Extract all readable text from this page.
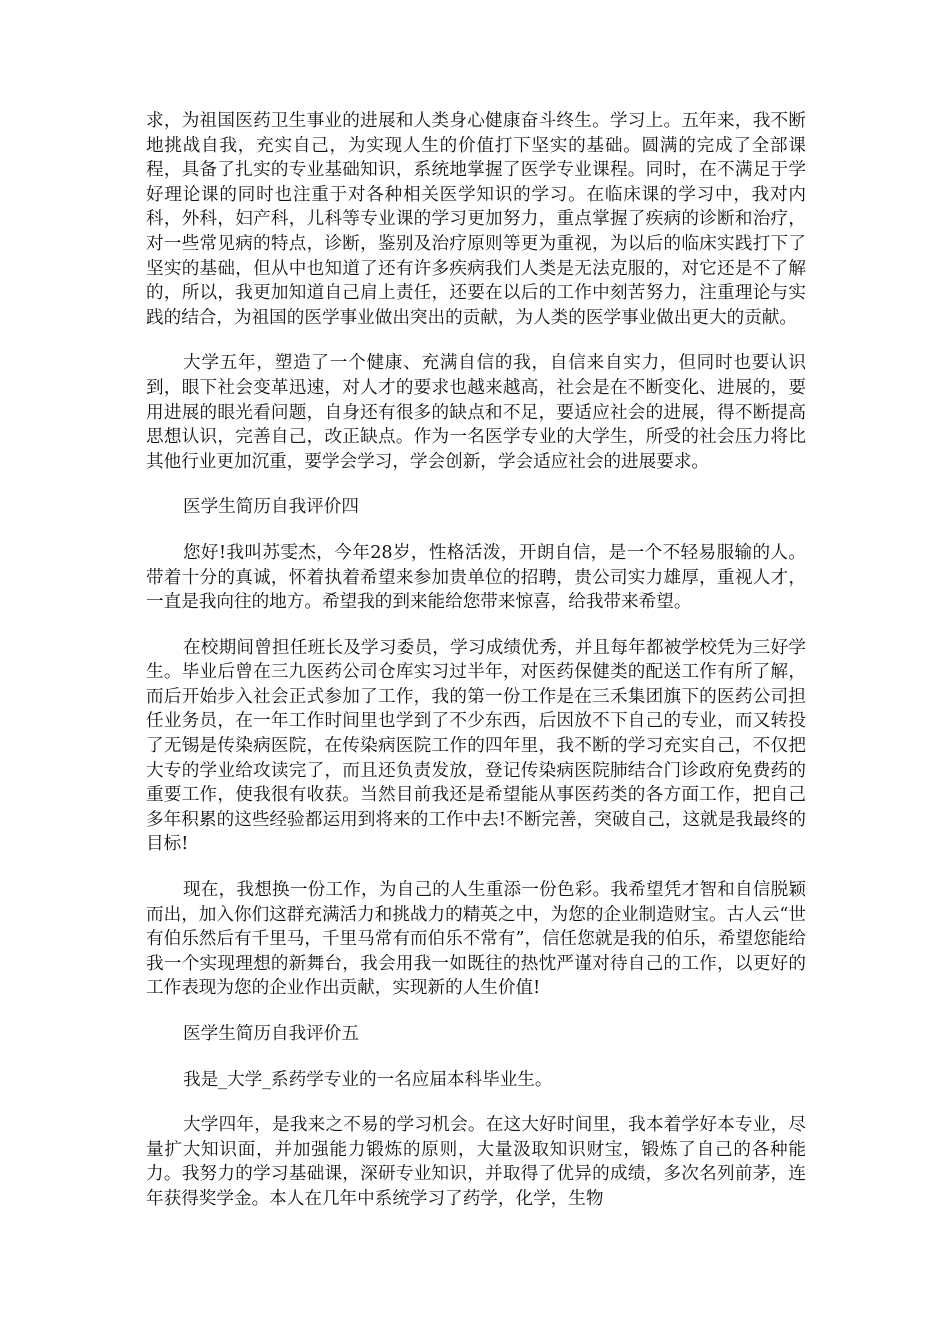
求，为祖国医药卫生事业的进展和人类身心健康奋斗终生。学习上。五年来，我不断地挑战自我，充实自己，为实现人生的价值打下坚实的基础。圆满的完成了全部课程，具备了扎实的专业基础知识，系统地掌握了医学专业课程。同时，在不满足于学好理论课的同时也注重于对各种相关医学知识的学习。在临床课的学习中，我对内科，外科，妇产科，儿科等专业课的学习更加努力，重点掌握了疾病的诊断和治疗，对一些常见病的特点，诊断，鉴别及治疗原则等更为重视，为以后的临床实践打下了坚实的基础，但从中也知道了还有许多疾病我们人类是无法克服的，对它还是不了解的，所以，我更加知道自己肩上责任，还要在以后的工作中刻苦努力，注重理论与实践的结合，为祖国的医学事业做出突出的贡献，为人类的医学事业做出更大的贡献。

大学五年，塑造了一个健康、充满自信的我，自信来自实力，但同时也要认识到，眼下社会变革迅速，对人才的要求也越来越高，社会是在不断变化、进展的，要用进展的眼光看问题，自身还有很多的缺点和不足，要适应社会的进展，得不断提高思想认识，完善自己，改正缺点。作为一名医学专业的大学生，所受的社会压力将比其他行业更加沉重，要学会学习，学会创新，学会适应社会的进展要求。

医学生简历自我评价四

您好!我叫苏雯杰，今年28岁，性格活泼，开朗自信，是一个不轻易服输的人。带着十分的真诚，怀着执着希望来参加贵单位的招聘，贵公司实力雄厚，重视人才，一直是我向往的地方。希望我的到来能给您带来惊喜，给我带来希望。

在校期间曾担任班长及学习委员，学习成绩优秀，并且每年都被学校凭为三好学生。毕业后曾在三九医药公司仓库实习过半年，对医药保健类的配送工作有所了解，而后开始步入社会正式参加了工作，我的第一份工作是在三禾集团旗下的医药公司担任业务员，在一年工作时间里也学到了不少东西，后因放不下自己的专业，而又转投了无锡是传染病医院，在传染病医院工作的四年里，我不断的学习充实自己，不仅把大专的学业给攻读完了，而且还负责发放，登记传染病医院肺结合门诊政府免费药的重要工作，使我很有收获。当然目前我还是希望能从事医药类的各方面工作，把自己多年积累的这些经验都运用到将来的工作中去!不断完善，突破自己，这就是我最终的目标!

现在，我想换一份工作，为自己的人生重添一份色彩。我希望凭才智和自信脱颖而出，加入你们这群充满活力和挑战力的精英之中，为您的企业制造财宝。古人云“世有伯乐然后有千里马，千里马常有而伯乐不常有”，信任您就是我的伯乐，希望您能给我一个实现理想的新舞台，我会用我一如既往的热忱严谨对待自己的工作，以更好的工作表现为您的企业作出贡献，实现新的人生价值!

医学生简历自我评价五

我是_大学_系药学专业的一名应届本科毕业生。

大学四年，是我来之不易的学习机会。在这大好时间里，我本着学好本专业，尽量扩大知识面，并加强能力锻炼的原则，大量汲取知识财宝，锻炼了自己的各种能力。我努力的学习基础课，深研专业知识，并取得了优异的成绩，多次名列前茅，连年获得奖学金。本人在几年中系统学习了药学，化学，生物
